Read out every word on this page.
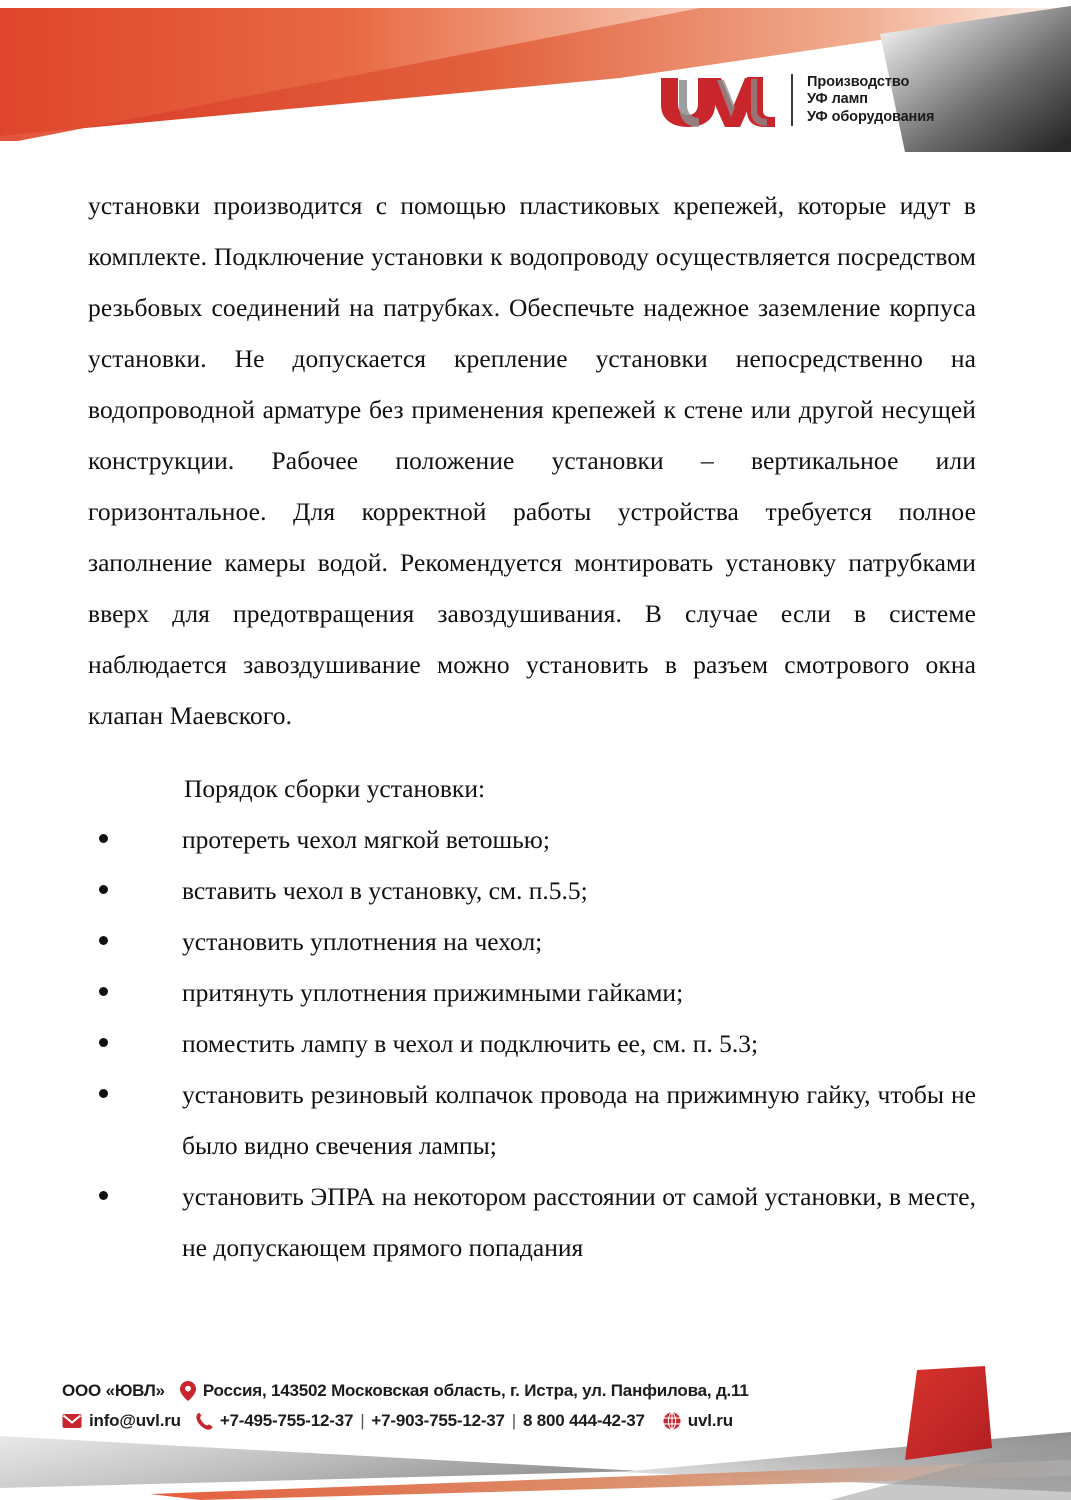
Производство
УФ ламп
УФ оборудования

установки производится с помощью пластиковых крепежей, которые идут в комплекте. Подключение установки к водопроводу осуществляется посредством резьбовых соединений на патрубках. Обеспечьте надежное заземление корпуса установки. Не допускается крепление установки непосредственно на водопроводной арматуре без применения крепежей к стене или другой несущей конструкции. Рабочее положение установки – вертикальное или горизонтальное. Для корректной работы устройства требуется полное заполнение камеры водой. Рекомендуется монтировать установку патрубками вверх для предотвращения завоздушивания. В случае если в системе наблюдается завоздушивание можно установить в разъем смотрового окна клапан Маевского.

Порядок сборки установки:

протереть чехол мягкой ветошью;
вставить чехол в установку, см. п.5.5;
установить уплотнения на чехол;
притянуть уплотнения прижимными гайками;
поместить лампу в чехол и подключить ее, см. п. 5.3;
установить резиновый колпачок провода на прижимную гайку, чтобы не было видно свечения лампы;
установить ЭПРА на некотором расстоянии от самой установки, в месте, не допускающем прямого попадания
7
ООО «ЮВЛ» Россия, 143502 Московская область, г. Истра, ул. Панфилова, д.11
info@uvl.ru +7-495-755-12-37 | +7-903-755-12-37 | 8 800 444-42-37	uvl.ru
